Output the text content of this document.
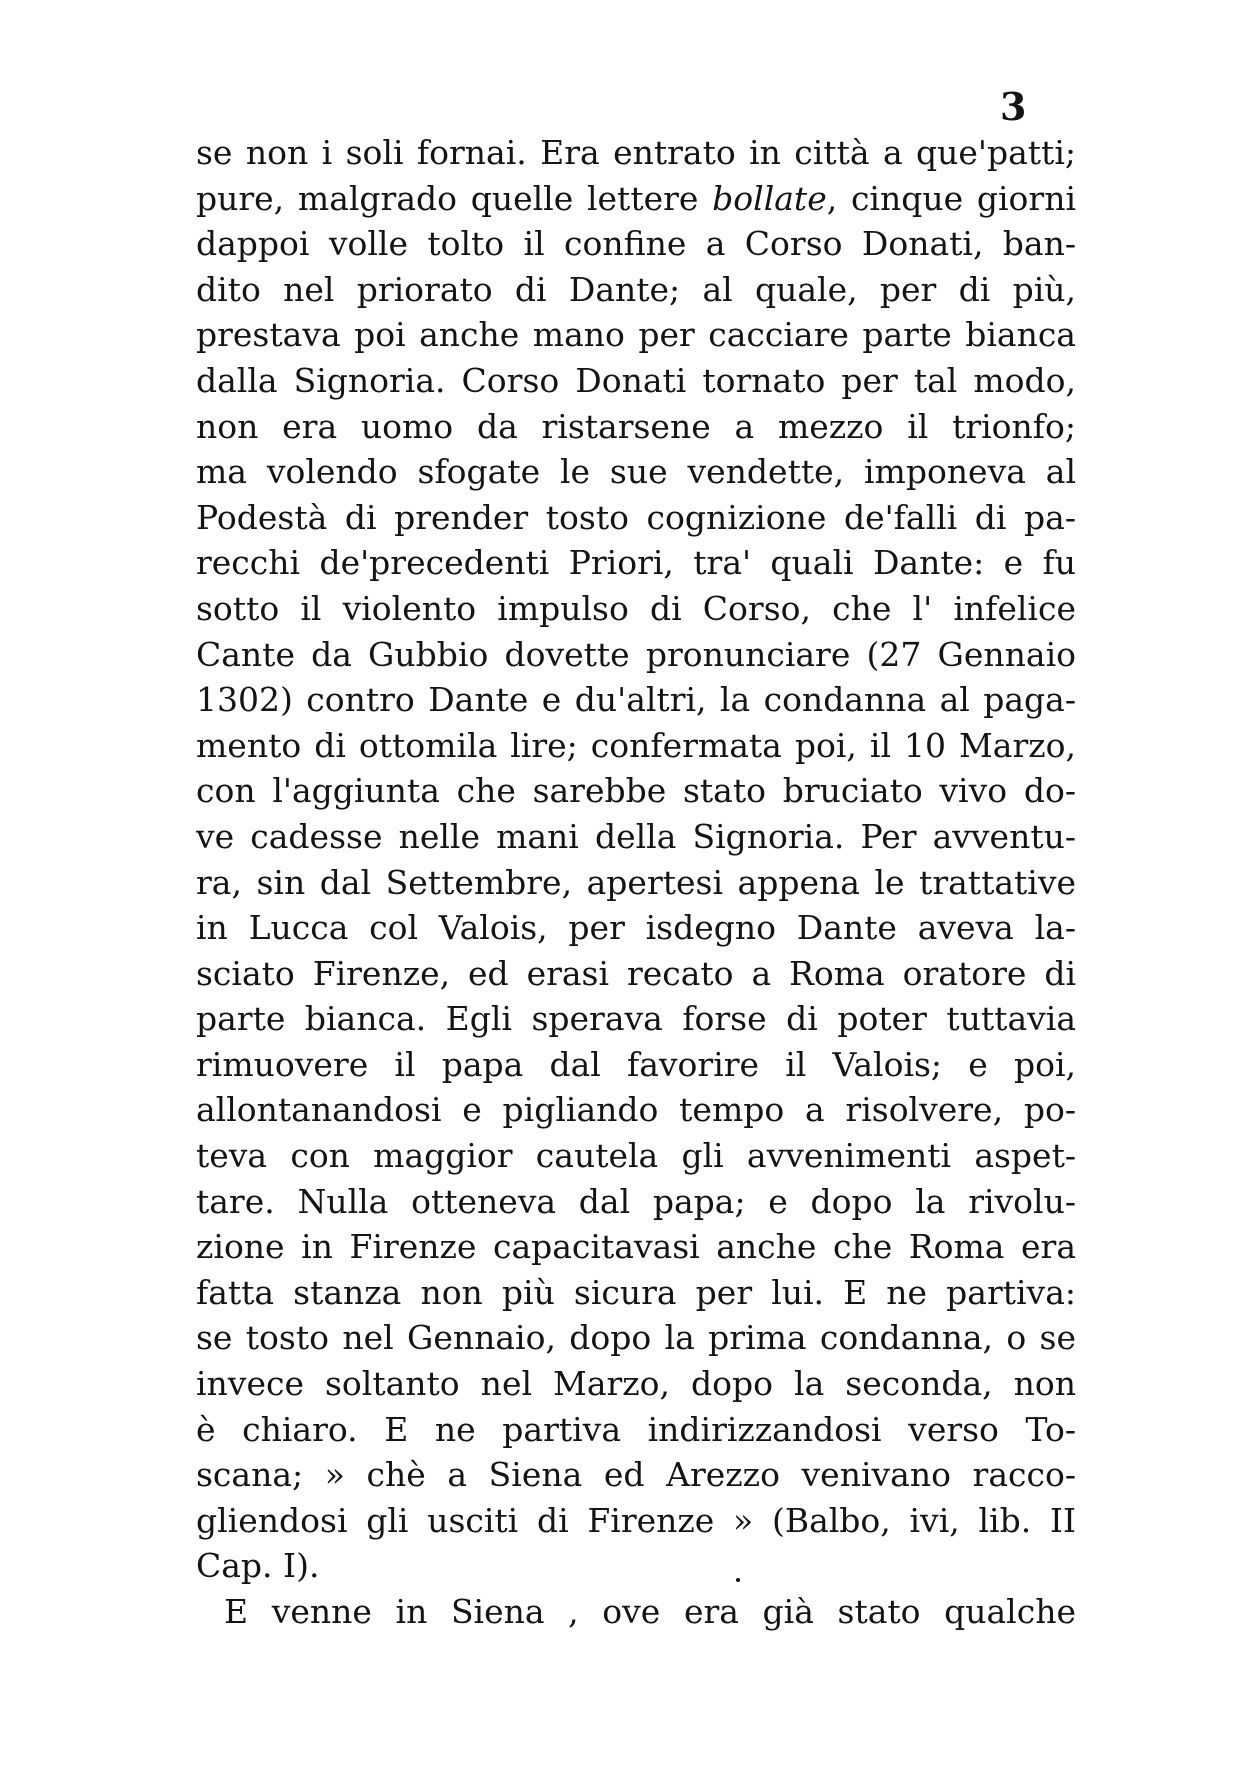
3
se non i soli fornai. Era entrato in città a que'patti;
pure, malgrado quelle lettere bollate, cinque giorni
dappoi volle tolto il confine a Corso Donati, ban-
dito nel priorato di Dante; al quale, per di più,
prestava poi anche mano per cacciare parte bianca
dalla Signoria. Corso Donati tornato per tal modo,
non era uomo da ristarsene a mezzo il trionfo;
ma volendo sfogate le sue vendette, imponeva al
Podestà di prender tosto cognizione de'falli di pa-
recchi de'precedenti Priori, tra' quali Dante: e fu
sotto il violento impulso di Corso, che l' infelice
Cante da Gubbio dovette pronunciare (27 Gennaio
1302) contro Dante e du'altri, la condanna al paga-
mento di ottomila lire; confermata poi, il 10 Marzo,
con l'aggiunta che sarebbe stato bruciato vivo do-
ve cadesse nelle mani della Signoria. Per avventu-
ra, sin dal Settembre, apertesi appena le trattative
in Lucca col Valois, per isdegno Dante aveva la-
sciato Firenze, ed erasi recato a Roma oratore di
parte bianca. Egli sperava forse di poter tuttavia
rimuovere il papa dal favorire il Valois; e poi,
allontanandosi e pigliando tempo a risolvere, po-
teva con maggior cautela gli avvenimenti aspet-
tare. Nulla otteneva dal papa; e dopo la rivolu-
zione in Firenze capacitavasi anche che Roma era
fatta stanza non più sicura per lui. E ne partiva:
se tosto nel Gennaio, dopo la prima condanna, o se
invece soltanto nel Marzo, dopo la seconda, non
è chiaro. E ne partiva indirizzandosi verso To-
scana; » chè a Siena ed Arezzo venivano racco-
gliendosi gli usciti di Firenze » (Balbo, ivi, lib. II
Cap. I).
E venne in Siena , ove era già stato qualche
